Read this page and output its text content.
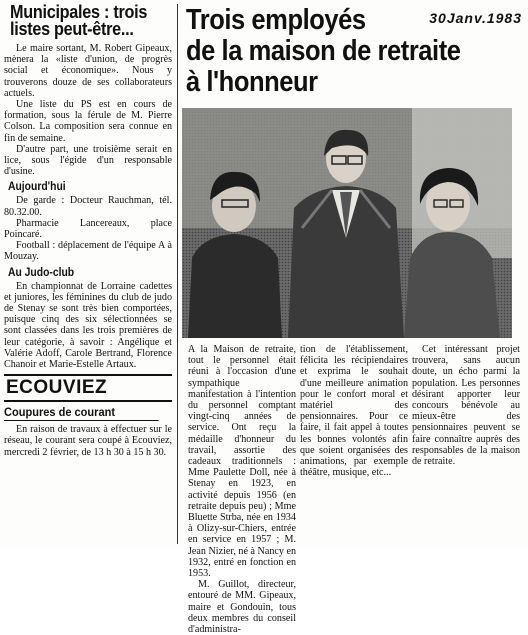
Municipales : trois listes peut-être...

Le maire sortant, M. Robert Gipeaux, mènera la «liste d'union, de progrès social et économique». Nous y trouverons douze de ses collaborateurs actuels.

Une liste du PS est en cours de formation, sous la férule de M. Pierre Colson. La composition sera connue en fin de semaine.

D'autre part, une troisième serait en lice, sous l'égide d'un responsable d'usine.

Aujourd'hui

De garde : Docteur Rauchman, tél. 80.32.00.

Pharmacie Lancereaux, place Poincaré.

Football : déplacement de l'équipe A à Mouzay.

Au Judo-club

En championnat de Lorraine cadettes et juniores, les féminines du club de judo de Stenay se sont très bien comportées, puisque cinq des six sélectionnées se sont classées dans les trois premières de leur catégorie, à savoir : Angélique et Valérie Adoff, Carole Bertrand, Florence Chanoir et Marie-Estelle Artaux.

ECOUVIEZ
Coupures de courant

En raison de travaux à effectuer sur le réseau, le courant sera coupé à Ecouviez, mercredi 2 février, de 13 h 30 à 15 h 30.

30Janv.1983
Trois employés
de la maison de retraite
à l'honneur

A la Maison de retraite, tout le personnel était réuni à l'occasion d'une sympathique manifestation à l'intention du personnel comptant vingt-cinq années de service. Ont reçu la médaille d'honneur du travail, assortie des cadeaux traditionnels : Mme Paulette Doll, née à Stenay en 1923, en activité depuis 1956 (en retraite depuis peu) ; Mme Bluette Strba, née en 1934 à Olizy-sur-Chiers, entrée en service en 1957 ; M. Jean Nizier, né à Nancy en 1932, entré en fonction en 1953.

M. Guillot, directeur, entouré de MM. Gipeaux, maire et Gondouin, tous deux membres du conseil d'administra-

tion de l'établissement, félicita les récipiendaires et exprima le souhait d'une meilleure animation pour le confort moral et matériel des pensionnaires. Pour ce faire, il fait appel à toutes les bonnes volontés afin que soient organisées des animations, par exemple théâtre, musique, etc...

Cet intéressant projet trouvera, sans aucun doute, un écho parmi la population. Les personnes désirant apporter leur concours bénévole au mieux-être des pensionnaires peuvent se faire connaître auprès des responsables de la maison de retraite.
